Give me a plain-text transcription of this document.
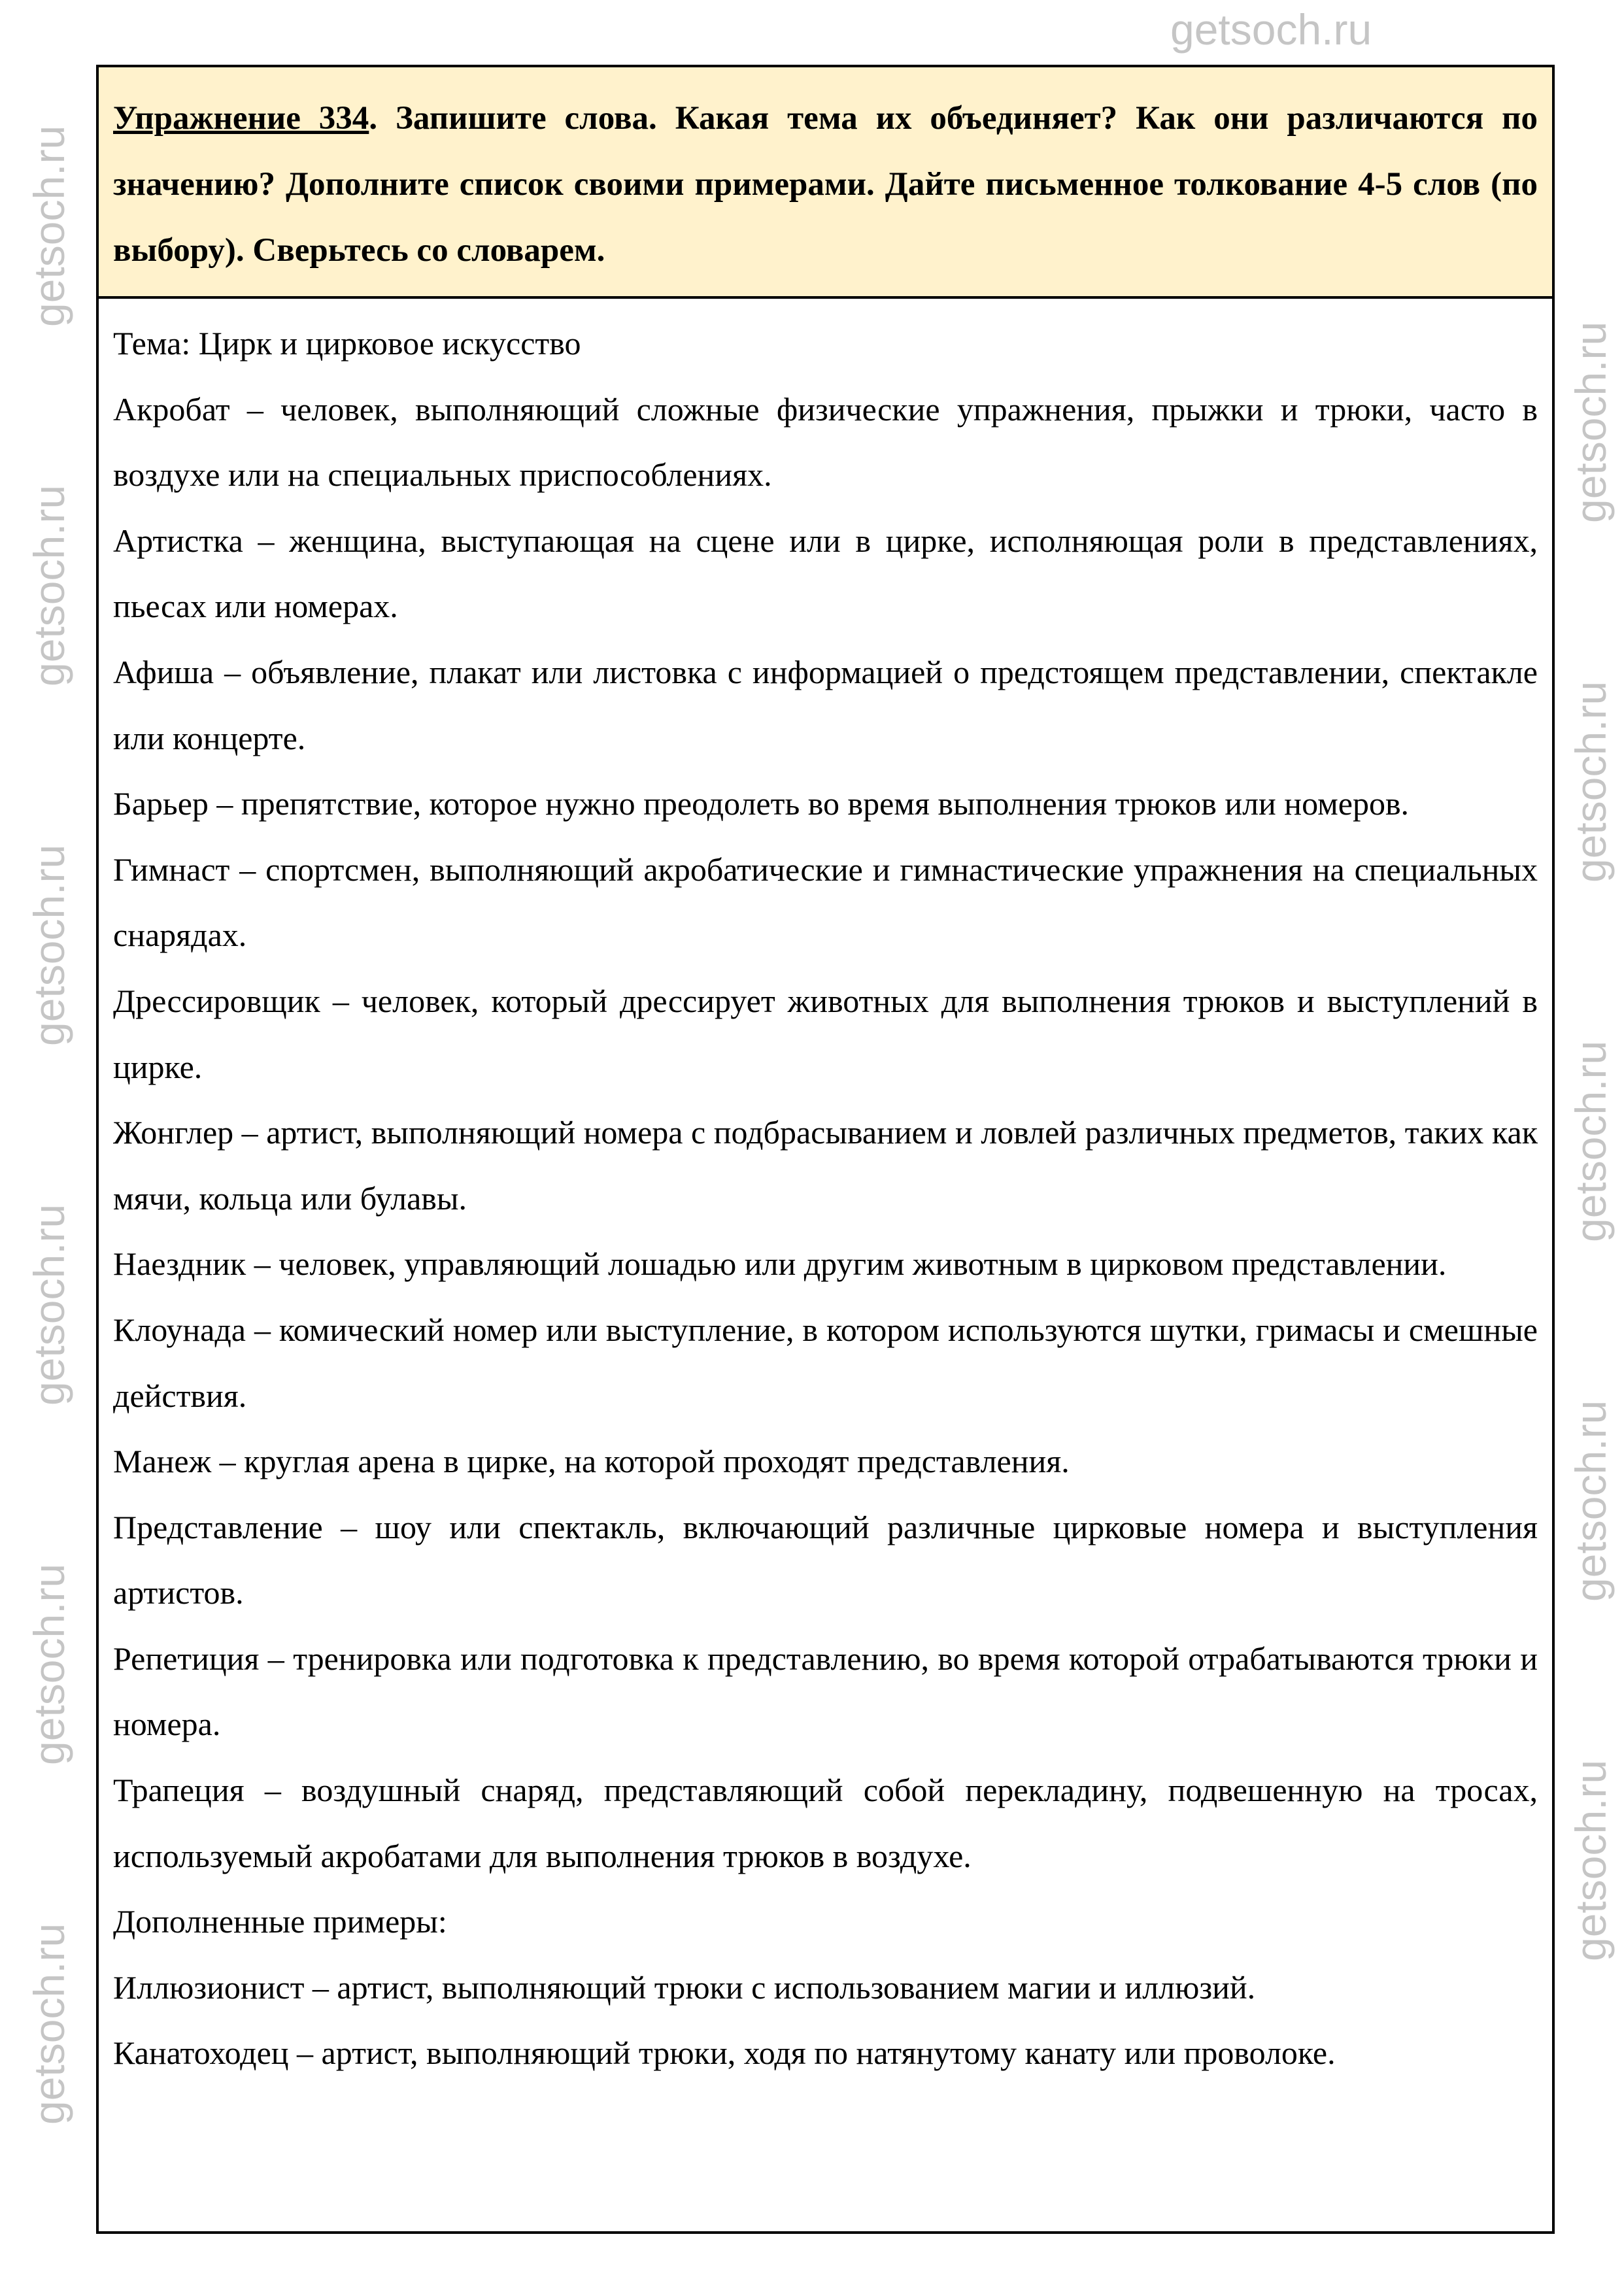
Упражнение 334. Запишите слова. Какая тема их объединяет? Как они различаются по значению? Дополните список своими примерами. Дайте письменное толкование 4-5 слов (по выбору). Сверьтесь со словарем.

Тема: Цирк и цирковое искусство

Акробат – человек, выполняющий сложные физические упражнения, прыжки и трюки, часто в воздухе или на специальных приспособлениях.

Артистка – женщина, выступающая на сцене или в цирке, исполняющая роли в представлениях, пьесах или номерах.

Афиша – объявление, плакат или листовка с информацией о предстоящем представлении, спектакле или концерте.

Барьер – препятствие, которое нужно преодолеть во время выполнения трюков или номеров.

Гимнаст – спортсмен, выполняющий акробатические и гимнастические упражнения на специальных снарядах.

Дрессировщик – человек, который дрессирует животных для выполнения трюков и выступлений в цирке.

Жонглер – артист, выполняющий номера с подбрасыванием и ловлей различных предметов, таких как мячи, кольца или булавы.

Наездник – человек, управляющий лошадью или другим животным в цирковом представлении.

Клоунада – комический номер или выступление, в котором используются шутки, гримасы и смешные действия.

Манеж – круглая арена в цирке, на которой проходят представления.

Представление – шоу или спектакль, включающий различные цирковые номера и выступления артистов.

Репетиция – тренировка или подготовка к представлению, во время которой отрабатываются трюки и номера.

Трапеция – воздушный снаряд, представляющий собой перекладину, подвешенную на тросах, используемый акробатами для выполнения трюков в воздухе.

Дополненные примеры:

Иллюзионист – артист, выполняющий трюки с использованием магии и иллюзий.

Канатоходец – артист, выполняющий трюки, ходя по натянутому канату или проволоке.

getsoch.ru
getsoch.ru
getsoch.ru
getsoch.ru
getsoch.ru
getsoch.ru
getsoch.ru
getsoch.ru
getsoch.ru
getsoch.ru
getsoch.ru
getsoch.ru
